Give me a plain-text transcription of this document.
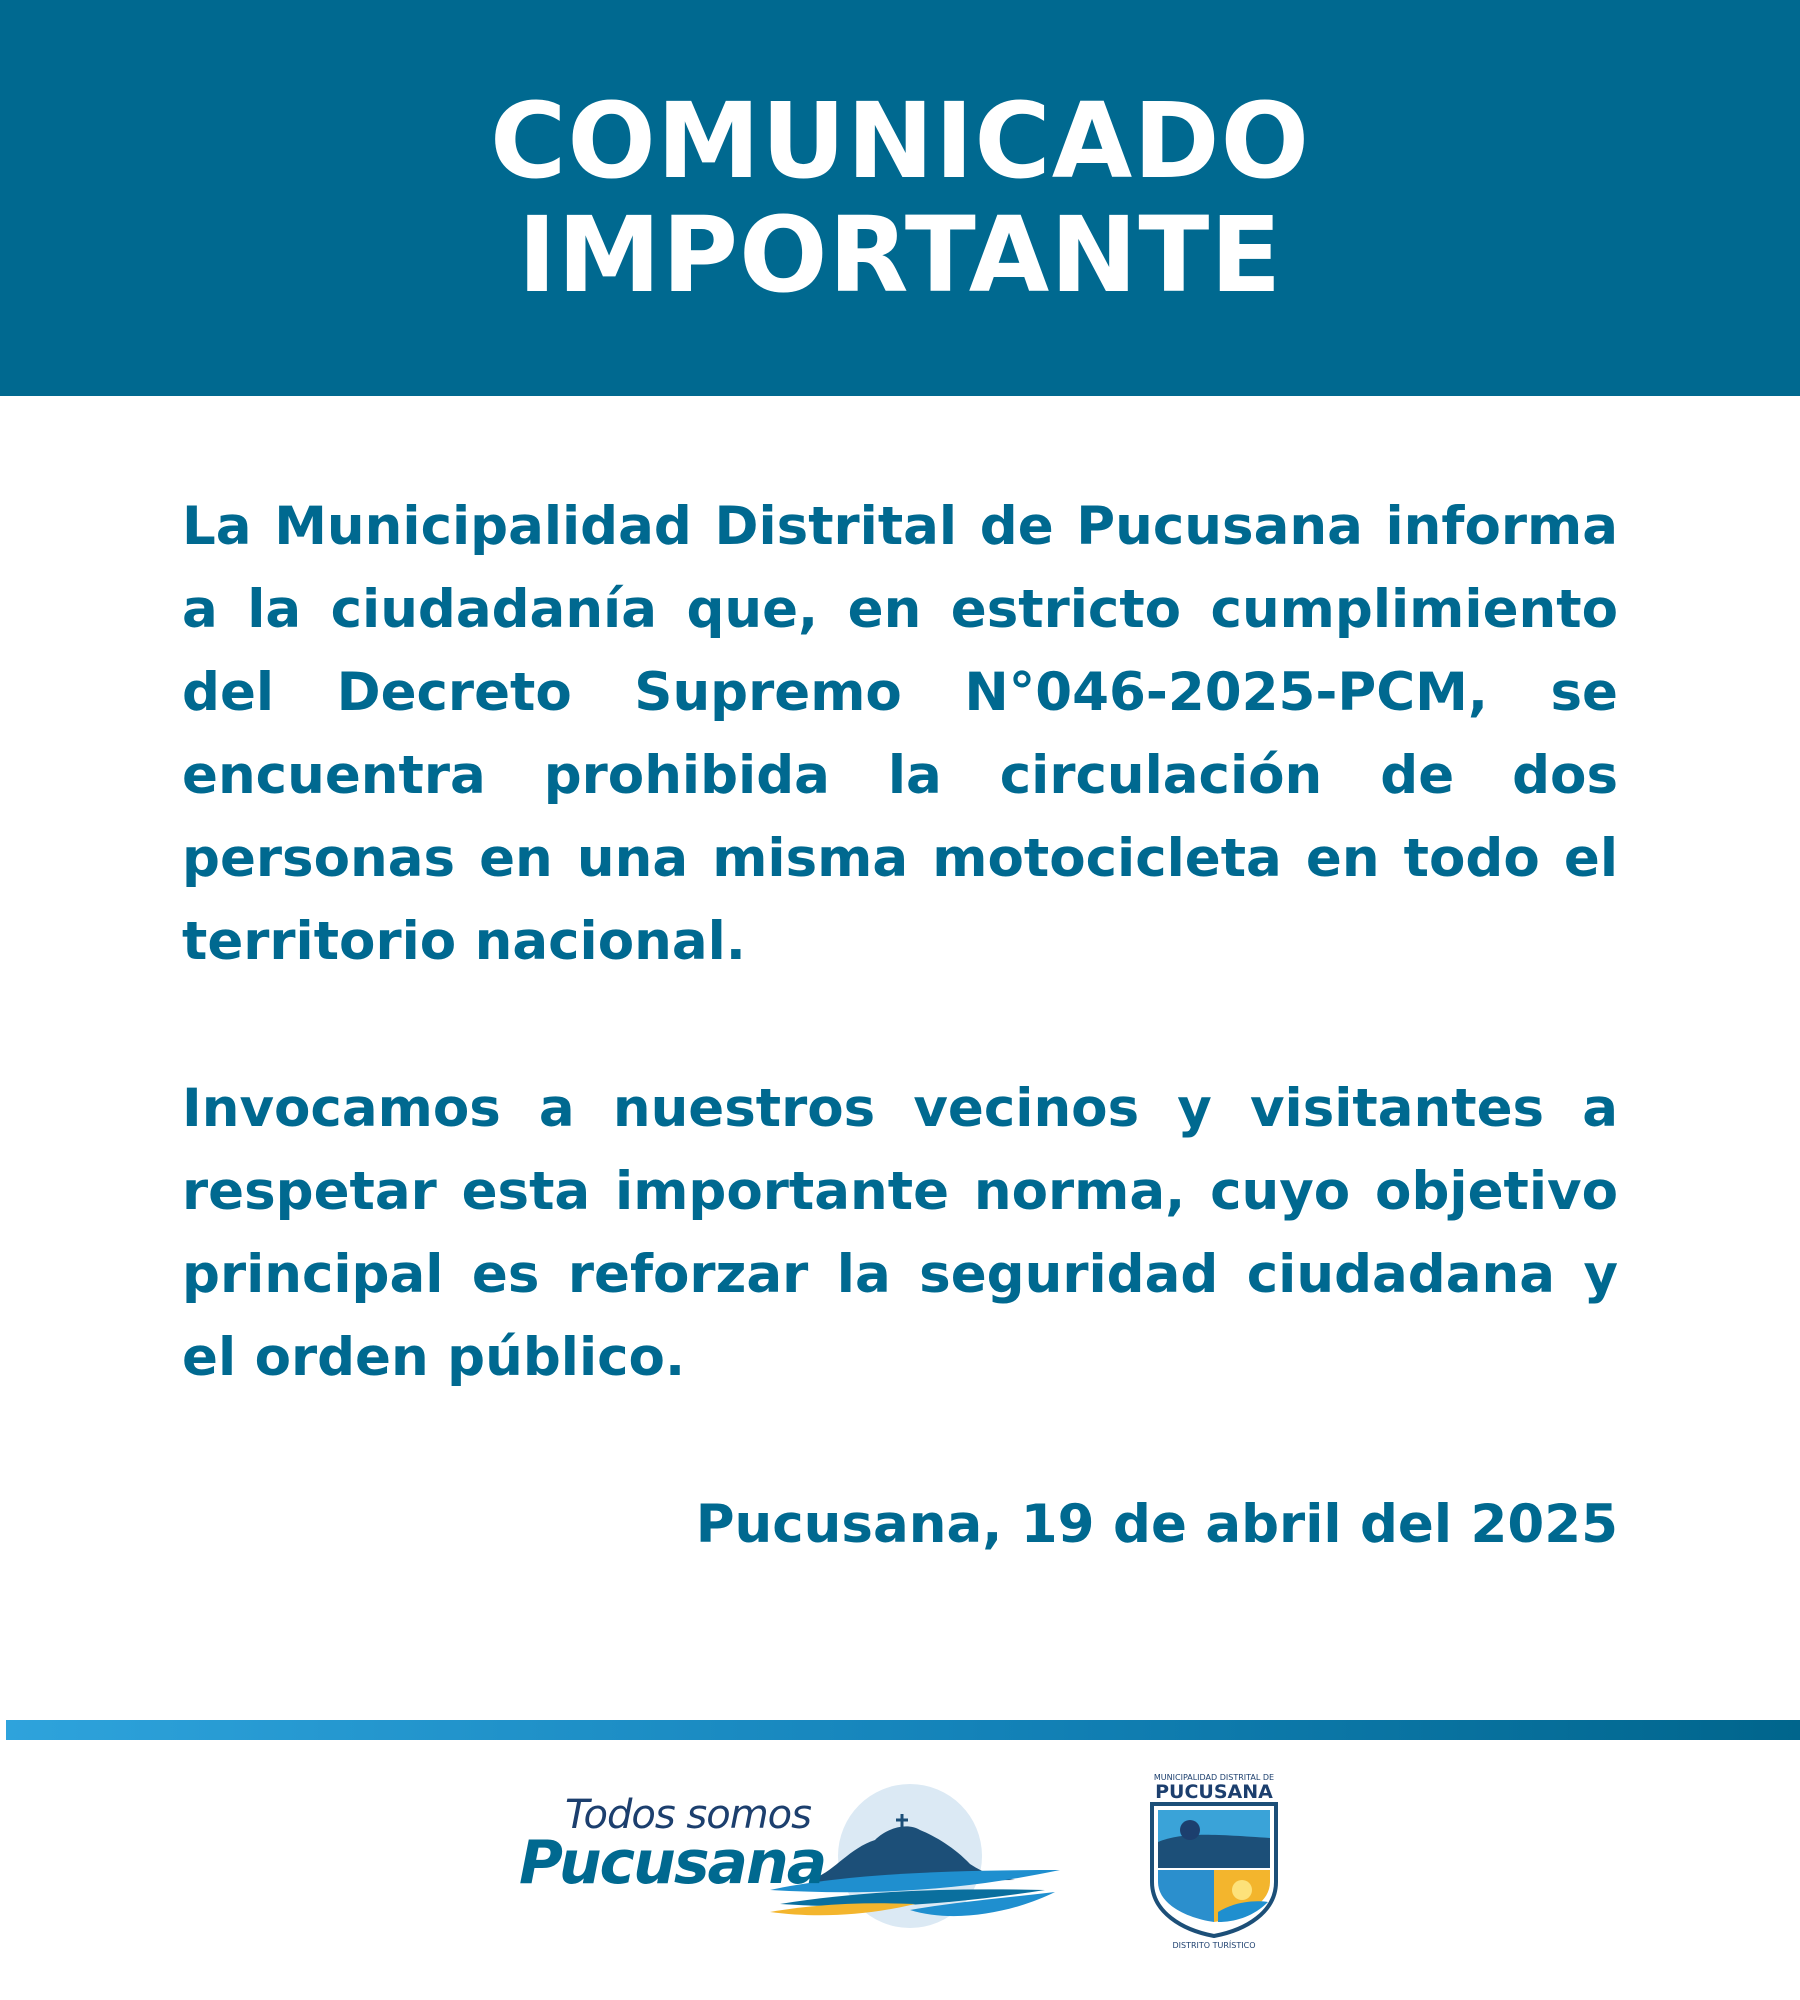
COMUNICADO
IMPORTANTE

La Municipalidad Distrital de Pucusana informa a la ciudadanía que, en estricto cumplimiento del Decreto Supremo N°046-2025-PCM, se encuentra prohibida la circulación de dos personas en una misma motocicleta en todo el territorio nacional.

Invocamos a nuestros vecinos y visitantes a respetar esta importante norma, cuyo objetivo principal es reforzar la seguridad ciudadana y el orden público.

Pucusana, 19 de abril del 2025
Todos somos
Pucusana
MUNICIPALIDAD DISTRITAL DE
PUCUSANA
DISTRITO TURÍSTICO
